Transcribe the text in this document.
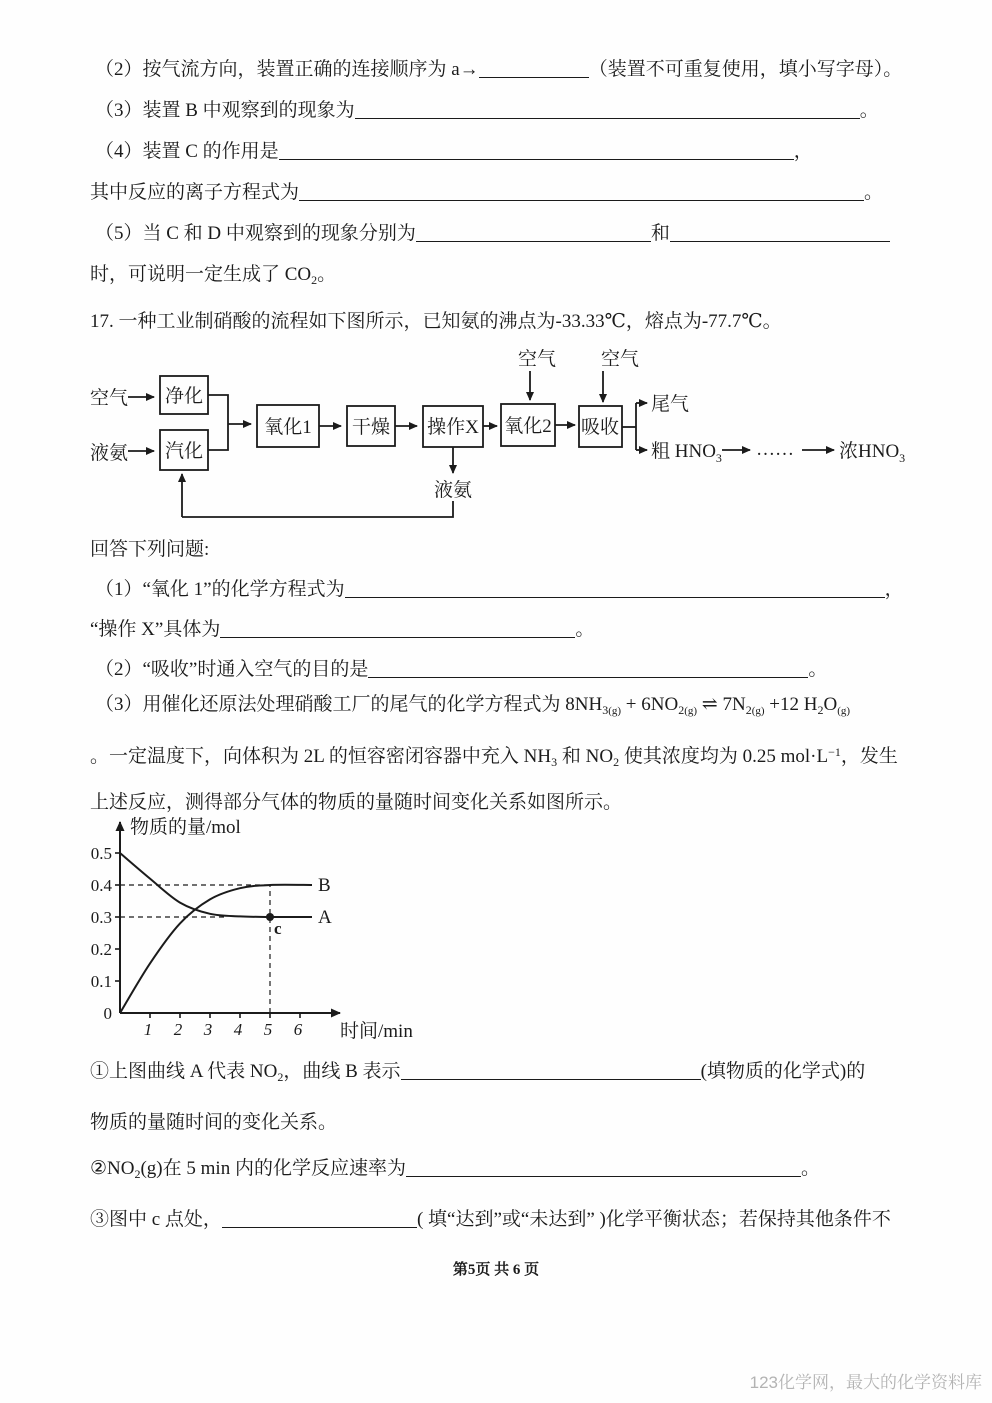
（2）按气流方向，装置正确的连接顺序为 a→	（装置不可重复使用，填小写字母）。
（3）装置 B 中观察到的现象为	。
（4）装置 C 的作用是	，
其中反应的离子方程式为	。
（5）当 C 和 D 中观察到的现象分别为	和
时，可说明一定生成了 $CO_2$。
17. 一种工业制硝酸的流程如下图所示，已知氨的沸点为-33.33℃，熔点为-77.7℃。
回答下列问题:
（1）“氧化 1”的化学方程式为	，
“操作 X”具体为	。
（2）“吸收”时通入空气的目的是	。
（3）用催化还原法处理硝酸工厂的尾气的化学方程式为 $8NH_{3(g)} + 6NO_{2(g)}$ ⇌ $7N_{2(g)} +12$ $H_2O_{(g)}$
。一定温度下，向体积为 2L 的恒容密闭容器中充入 $NH_3$ 和 $NO_2$ 使其浓度均为 0.25 $mol\cdot L^{-1}$，发生
上述反应，测得部分气体的物质的量随时间变化关系如图所示。
①上图曲线 A 代表 $NO_2$，曲线 B 表示	(填物质的化学式)的
物质的量随时间的变化关系。
$②NO_2(g)$在 5 min 内的化学反应速率为	。
③图中 c 点处，	( 填“达到”或“未达到” )化学平衡状态；若保持其他条件不
空气
液氨
净化
汽化
氧化1 干燥 操作X 氧化2 吸收
空气 空气
尾气
粗 $HNO_3$ …… 浓$HNO_3$
液氨
物质的量/mol
时间/min
1 2 3 4 5 6
0.1
0.2
0.3
0.4
0.5
0
A
B
c
第5页 共 6 页
123化学网，最大的化学资料库
